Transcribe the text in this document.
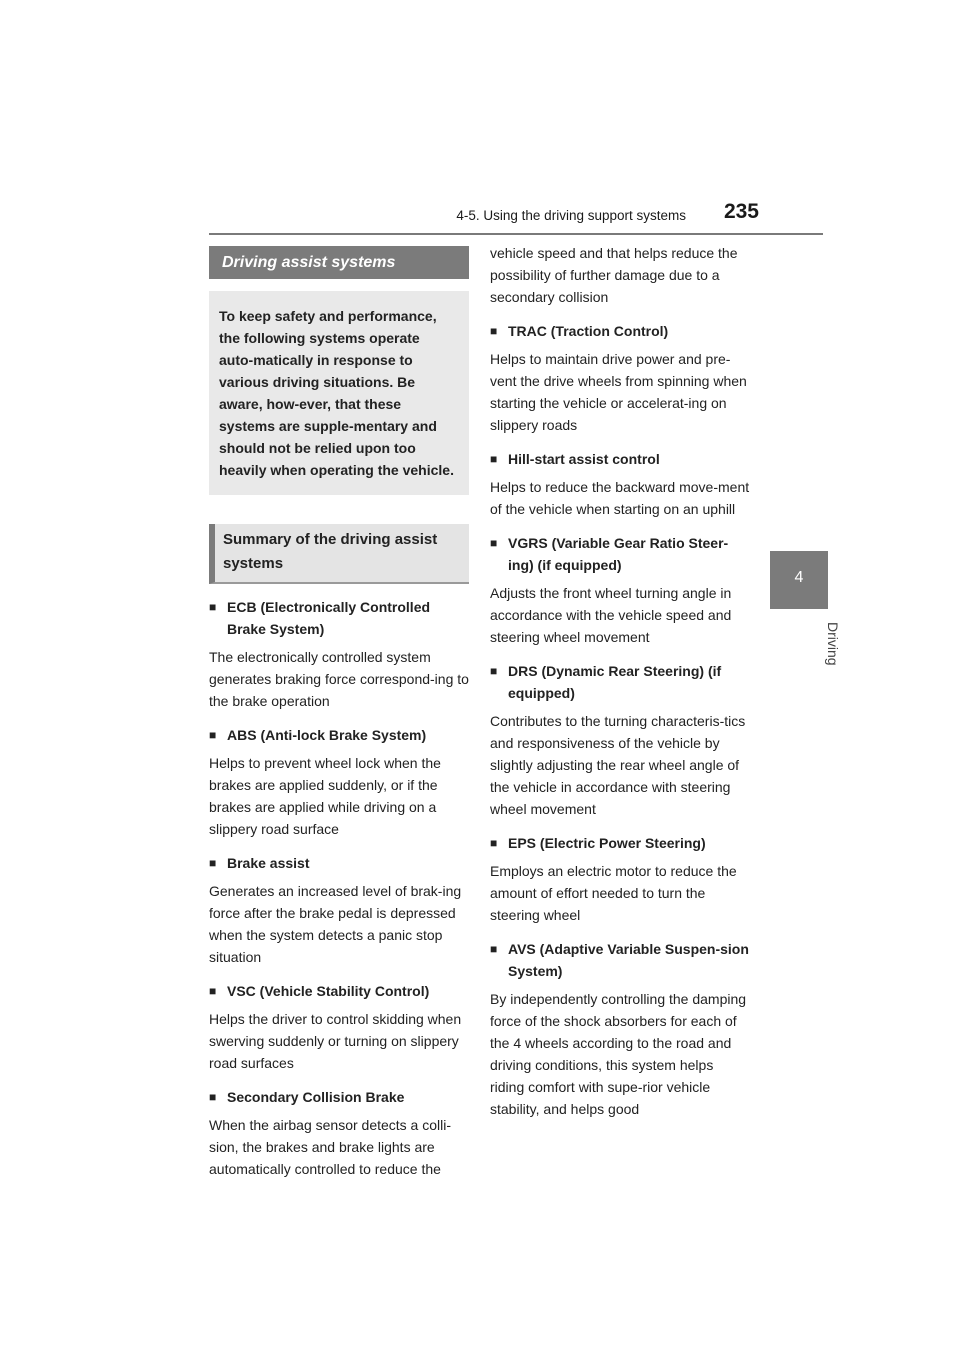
4-5. Using the driving support systems 235
4
Driving
Driving assist systems
To keep safety and performance, the following systems operate auto-matically in response to various driving situations. Be aware, how-ever, that these systems are supple-mentary and should not be relied upon too heavily when operating the vehicle.
Summary of the driving assist systems
■ ECB (Electronically Controlled Brake System)
The electronically controlled system generates braking force correspond-ing to the brake operation
■ ABS (Anti-lock Brake System)
Helps to prevent wheel lock when the brakes are applied suddenly, or if the brakes are applied while driving on a slippery road surface
■ Brake assist
Generates an increased level of brak-ing force after the brake pedal is depressed when the system detects a panic stop situation
■ VSC (Vehicle Stability Control)
Helps the driver to control skidding when swerving suddenly or turning on slippery road surfaces
■ Secondary Collision Brake
When the airbag sensor detects a colli-sion, the brakes and brake lights are automatically controlled to reduce the
vehicle speed and that helps reduce the possibility of further damage due to a secondary collision
■ TRAC (Traction Control)
Helps to maintain drive power and pre-vent the drive wheels from spinning when starting the vehicle or accelerat-ing on slippery roads
■ Hill-start assist control
Helps to reduce the backward move-ment of the vehicle when starting on an uphill
■ VGRS (Variable Gear Ratio Steer-ing) (if equipped)
Adjusts the front wheel turning angle in accordance with the vehicle speed and steering wheel movement
■ DRS (Dynamic Rear Steering) (if equipped)
Contributes to the turning characteris-tics and responsiveness of the vehicle by slightly adjusting the rear wheel angle of the vehicle in accordance with steering wheel movement
■ EPS (Electric Power Steering)
Employs an electric motor to reduce the amount of effort needed to turn the steering wheel
■ AVS (Adaptive Variable Suspen-sion System)
By independently controlling the damping force of the shock absorbers for each of the 4 wheels according to the road and driving conditions, this system helps riding comfort with supe-rior vehicle stability, and helps good
